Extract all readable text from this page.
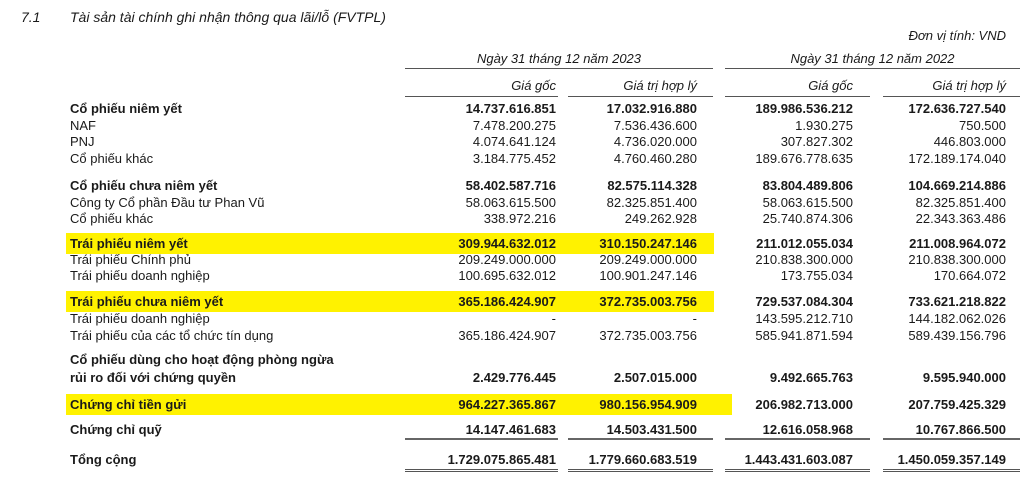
7.1 Tài sản tài chính ghi nhận thông qua lãi/lỗ (FVTPL)
Đơn vị tính: VND
Ngày 31 tháng 12 năm 2023	Ngày 31 tháng 12 năm 2022
Giá gốc	Giá trị hợp lý	Giá gốc	Giá trị hợp lý
Cổ phiếu niêm yết	14.737.616.851	17.032.916.880	189.986.536.212	172.636.727.540
NAF	7.478.200.275	7.536.436.600	1.930.275	750.500
PNJ	4.074.641.124	4.736.020.000	307.827.302	446.803.000
Cổ phiếu khác	3.184.775.452	4.760.460.280	189.676.778.635	172.189.174.040
Cổ phiếu chưa niêm yết	58.402.587.716	82.575.114.328	83.804.489.806	104.669.214.886
Công ty Cổ phần Đầu tư Phan Vũ	58.063.615.500	82.325.851.400	58.063.615.500	82.325.851.400
Cổ phiếu khác	338.972.216	249.262.928	25.740.874.306	22.343.363.486
Trái phiếu niêm yết	309.944.632.012	310.150.247.146	211.012.055.034	211.008.964.072
Trái phiếu Chính phủ	209.249.000.000	209.249.000.000	210.838.300.000	210.838.300.000
Trái phiếu doanh nghiệp	100.695.632.012	100.901.247.146	173.755.034	170.664.072
Trái phiếu chưa niêm yết	365.186.424.907	372.735.003.756	729.537.084.304	733.621.218.822
Trái phiếu doanh nghiệp	-	-	143.595.212.710	144.182.062.026
Trái phiếu của các tổ chức tín dụng	365.186.424.907	372.735.003.756	585.941.871.594	589.439.156.796
Cổ phiếu dùng cho hoạt động phòng ngừa
rủi ro đối với chứng quyền	2.429.776.445	2.507.015.000	9.492.665.763	9.595.940.000
Chứng chỉ tiền gửi	964.227.365.867	980.156.954.909	206.982.713.000	207.759.425.329
Chứng chỉ quỹ	14.147.461.683	14.503.431.500	12.616.058.968	10.767.866.500
Tổng cộng	1.729.075.865.481	1.779.660.683.519	1.443.431.603.087	1.450.059.357.149
